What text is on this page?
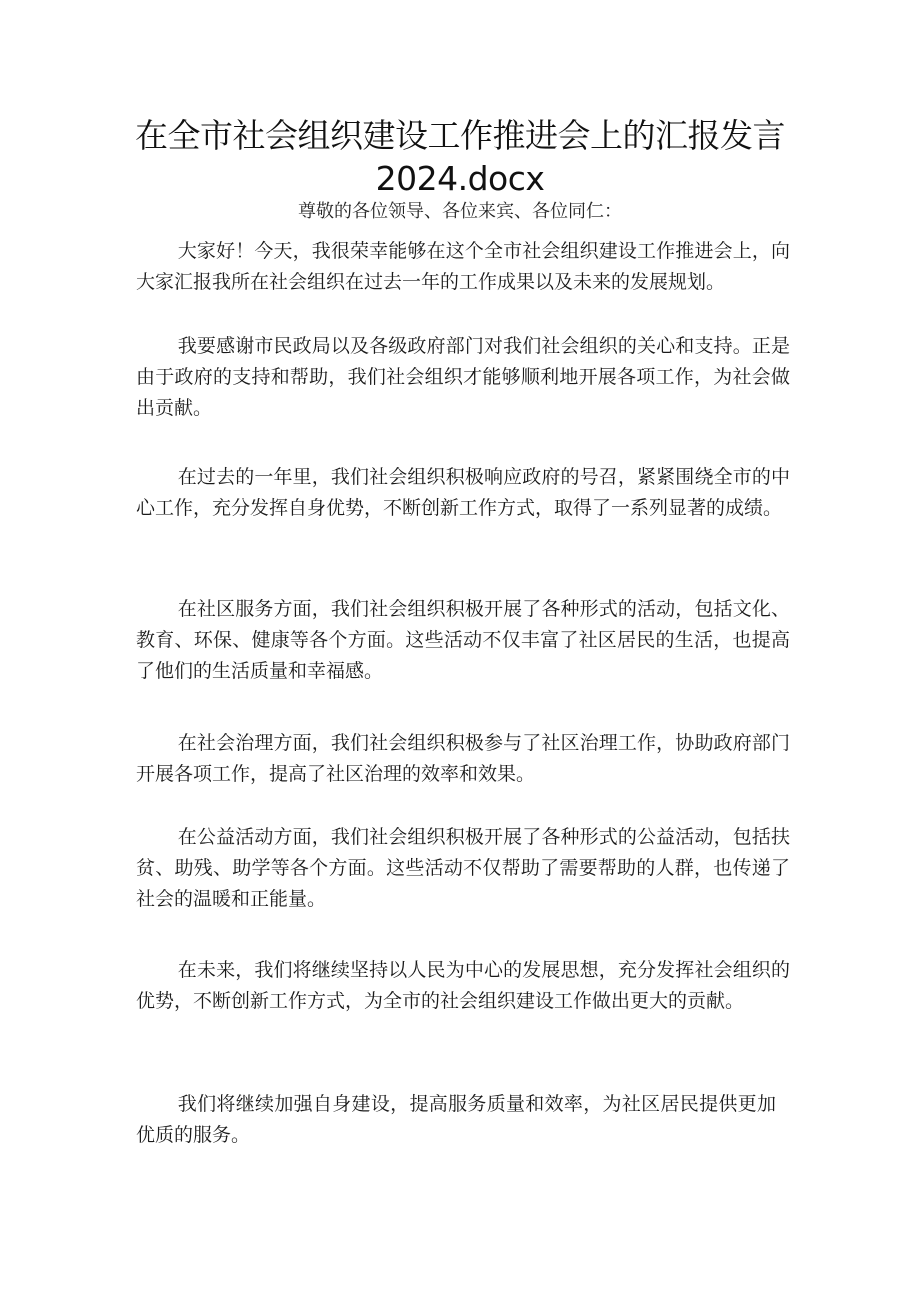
在全市社会组织建设工作推进会上的汇报发言2024.docx

尊敬的各位领导、各位来宾、各位同仁：

大家好！今天，我很荣幸能够在这个全市社会组织建设工作推进会上，向大家汇报我所在社会组织在过去一年的工作成果以及未来的发展规划。

我要感谢市民政局以及各级政府部门对我们社会组织的关心和支持。正是由于政府的支持和帮助，我们社会组织才能够顺利地开展各项工作，为社会做出贡献。

在过去的一年里，我们社会组织积极响应政府的号召，紧紧围绕全市的中心工作，充分发挥自身优势，不断创新工作方式，取得了一系列显著的成绩。

在社区服务方面，我们社会组织积极开展了各种形式的活动，包括文化、教育、环保、健康等各个方面。这些活动不仅丰富了社区居民的生活，也提高了他们的生活质量和幸福感。

在社会治理方面，我们社会组织积极参与了社区治理工作，协助政府部门开展各项工作，提高了社区治理的效率和效果。

在公益活动方面，我们社会组织积极开展了各种形式的公益活动，包括扶贫、助残、助学等各个方面。这些活动不仅帮助了需要帮助的人群，也传递了社会的温暖和正能量。

在未来，我们将继续坚持以人民为中心的发展思想，充分发挥社会组织的优势，不断创新工作方式，为全市的社会组织建设工作做出更大的贡献。

我们将继续加强自身建设，提高服务质量和效率，为社区居民提供更加优质的服务。
